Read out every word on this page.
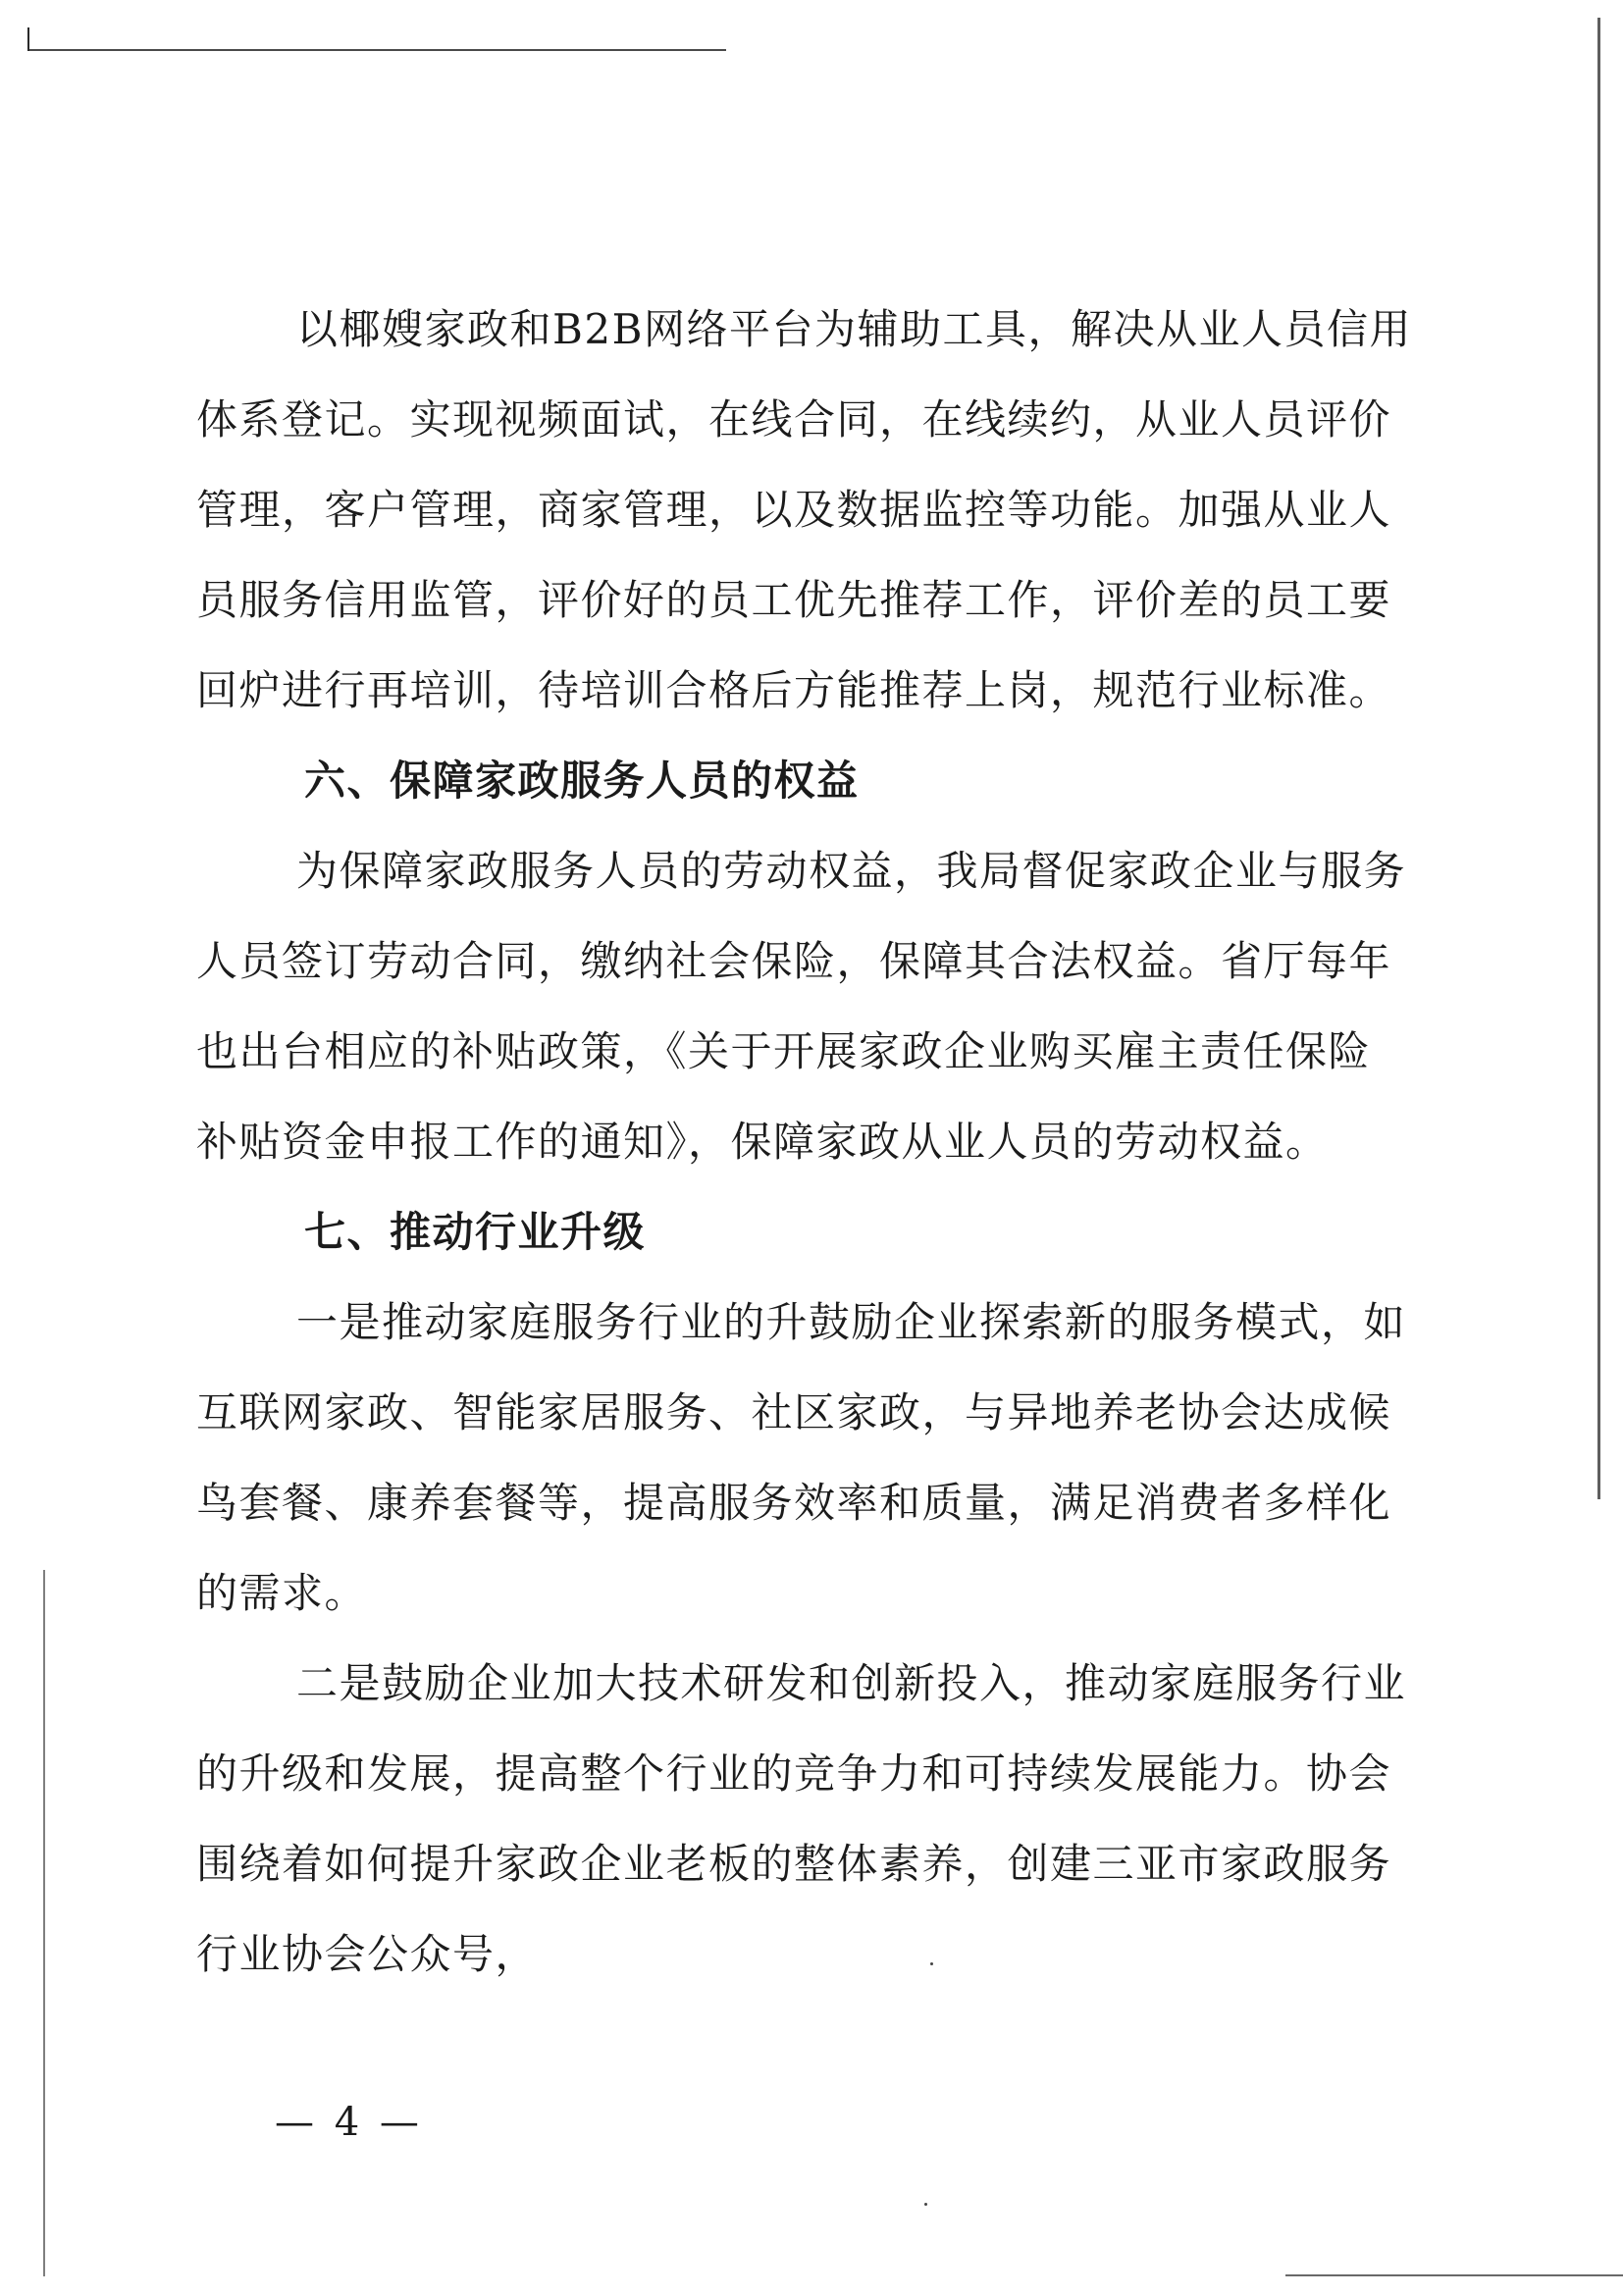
以椰嫂家政和B2B网络平台为辅助工具，解决从业人员信用
体系登记。实现视频面试，在线合同，在线续约，从业人员评价
管理，客户管理，商家管理，以及数据监控等功能。加强从业人
员服务信用监管，评价好的员工优先推荐工作，评价差的员工要
回炉进行再培训，待培训合格后方能推荐上岗，规范行业标准。
六、保障家政服务人员的权益
为保障家政服务人员的劳动权益，我局督促家政企业与服务
人员签订劳动合同，缴纳社会保险，保障其合法权益。省厅每年
也出台相应的补贴政策，《关于开展家政企业购买雇主责任保险
补贴资金申报工作的通知》，保障家政从业人员的劳动权益。
七、推动行业升级
一是推动家庭服务行业的升鼓励企业探索新的服务模式，如
互联网家政、智能家居服务、社区家政，与异地养老协会达成候
鸟套餐、康养套餐等，提高服务效率和质量，满足消费者多样化
的需求。
二是鼓励企业加大技术研发和创新投入，推动家庭服务行业
的升级和发展，提高整个行业的竞争力和可持续发展能力。协会
围绕着如何提升家政企业老板的整体素养，创建三亚市家政服务
行业协会公众号，
— 4 —
